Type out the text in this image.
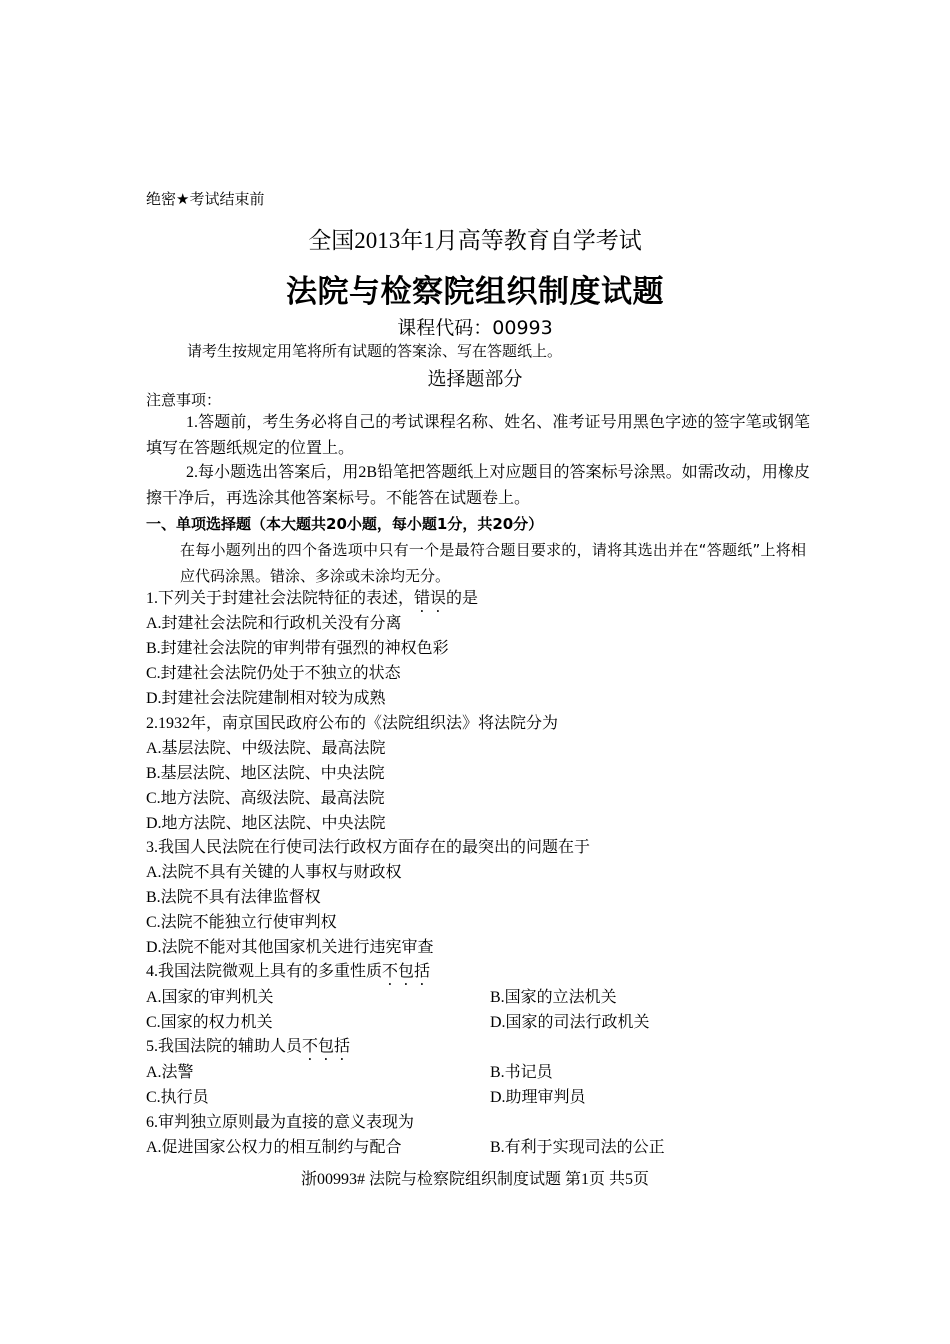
绝密★考试结束前
全国2013年1月高等教育自学考试
法院与检察院组织制度试题
课程代码：00993
请考生按规定用笔将所有试题的答案涂、写在答题纸上。
选择题部分
注意事项：
1.答题前，考生务必将自己的考试课程名称、姓名、准考证号用黑色字迹的签字笔或钢笔填写在答题纸规定的位置上。
2.每小题选出答案后，用2B铅笔把答题纸上对应题目的答案标号涂黑。如需改动，用橡皮擦干净后，再选涂其他答案标号。不能答在试题卷上。
一、单项选择题（本大题共20小题，每小题1分，共20分）
在每小题列出的四个备选项中只有一个是最符合题目要求的，请将其选出并在“答题纸”上将相应代码涂黑。错涂、多涂或未涂均无分。
1.下列关于封建社会法院特征的表述，错误的是
A.封建社会法院和行政机关没有分离
B.封建社会法院的审判带有强烈的神权色彩
C.封建社会法院仍处于不独立的状态
D.封建社会法院建制相对较为成熟
2.1932年，南京国民政府公布的《法院组织法》将法院分为
A.基层法院、中级法院、最高法院
B.基层法院、地区法院、中央法院
C.地方法院、高级法院、最高法院
D.地方法院、地区法院、中央法院
3.我国人民法院在行使司法行政权方面存在的最突出的问题在于
A.法院不具有关键的人事权与财政权
B.法院不具有法律监督权
C.法院不能独立行使审判权
D.法院不能对其他国家机关进行违宪审查
4.我国法院微观上具有的多重性质不包括
A.国家的审判机关	B.国家的立法机关
C.国家的权力机关	D.国家的司法行政机关
5.我国法院的辅助人员不包括
A.法警	B.书记员
C.执行员	D.助理审判员
6.审判独立原则最为直接的意义表现为
A.促进国家公权力的相互制约与配合	B.有利于实现司法的公正
浙00993# 法院与检察院组织制度试题 第1页 共5页
